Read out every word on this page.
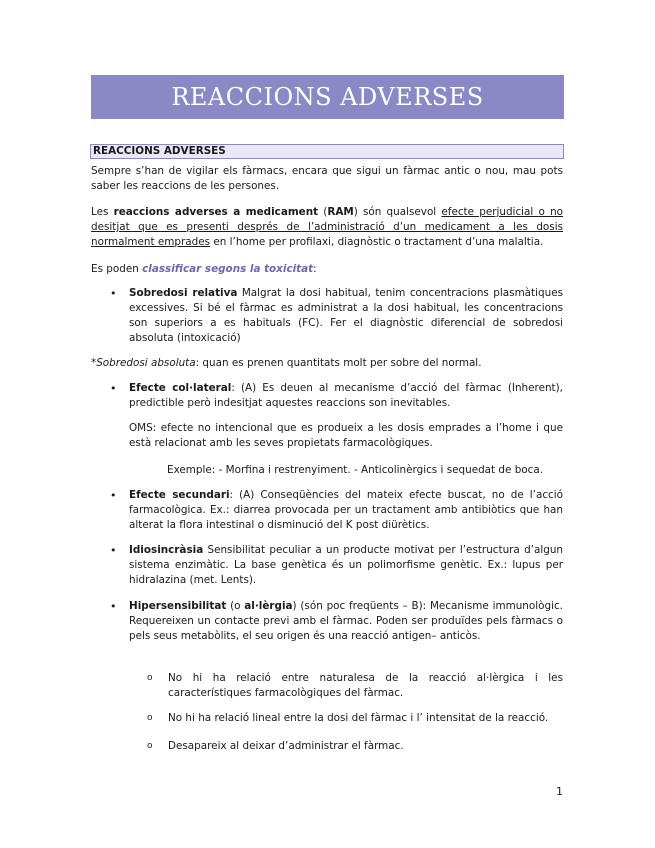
REACCIONS ADVERSES
REACCIONS ADVERSES
Sempre s’han de vigilar els fàrmacs, encara que sigui un fàrmac antic o nou, mau pots saber les reaccions de les persones.
Les reaccions adverses a medicament (RAM) són qualsevol efecte perjudicial o no desitjat que es presenti després de l’administració d’un medicament a les dosis normalment emprades en l’home per profilaxi, diagnòstic o tractament d’una malaltia.
Es poden classificar segons la toxicitat:
• Sobredosi relativa Malgrat la dosi habitual, tenim concentracions plasmàtiques excessives. Si bé el fàrmac es administrat a la dosi habitual, les concentracions son superiors a es habituals (FC). Fer el diagnòstic diferencial de sobredosi absoluta (intoxicació)
*Sobredosi absoluta: quan es prenen quantitats molt per sobre del normal.
• Efecte col·lateral: (A) Es deuen al mecanisme d’acció del fàrmac (Inherent), predictible però indesitjat aquestes reaccions son inevitables.
OMS: efecte no intencional que es produeix a les dosis emprades a l’home i que està relacionat amb les seves propietats farmacològiques.
Exemple: - Morfina i restrenyiment. - Anticolinèrgics i sequedat de boca.
• Efecte secundari: (A) Conseqüències del mateix efecte buscat, no de l’acció farmacològica. Ex.: diarrea provocada per un tractament amb antibiòtics que han alterat la flora intestinal o disminució del K post diürètics.
• Idiosincràsia Sensibilitat peculiar a un producte motivat per l’estructura d’algun sistema enzimàtic. La base genètica és un polimorfisme genètic. Ex.: lupus per hidralazina (met. Lents).
• Hipersensibilitat (o al·lèrgia) (són poc freqüents – B): Mecanisme immunològic. Requereixen un contacte previ amb el fàrmac. Poden ser produïdes pels fàrmacs o pels seus metabòlits, el seu origen és una reacció antigen– anticòs.
o No hi ha relació entre naturalesa de la reacció al·lèrgica i les característiques farmacològiques del fàrmac.
o No hi ha relació lineal entre la dosi del fàrmac i l’ intensitat de la reacció.
o Desapareix al deixar d’administrar el fàrmac.
1
